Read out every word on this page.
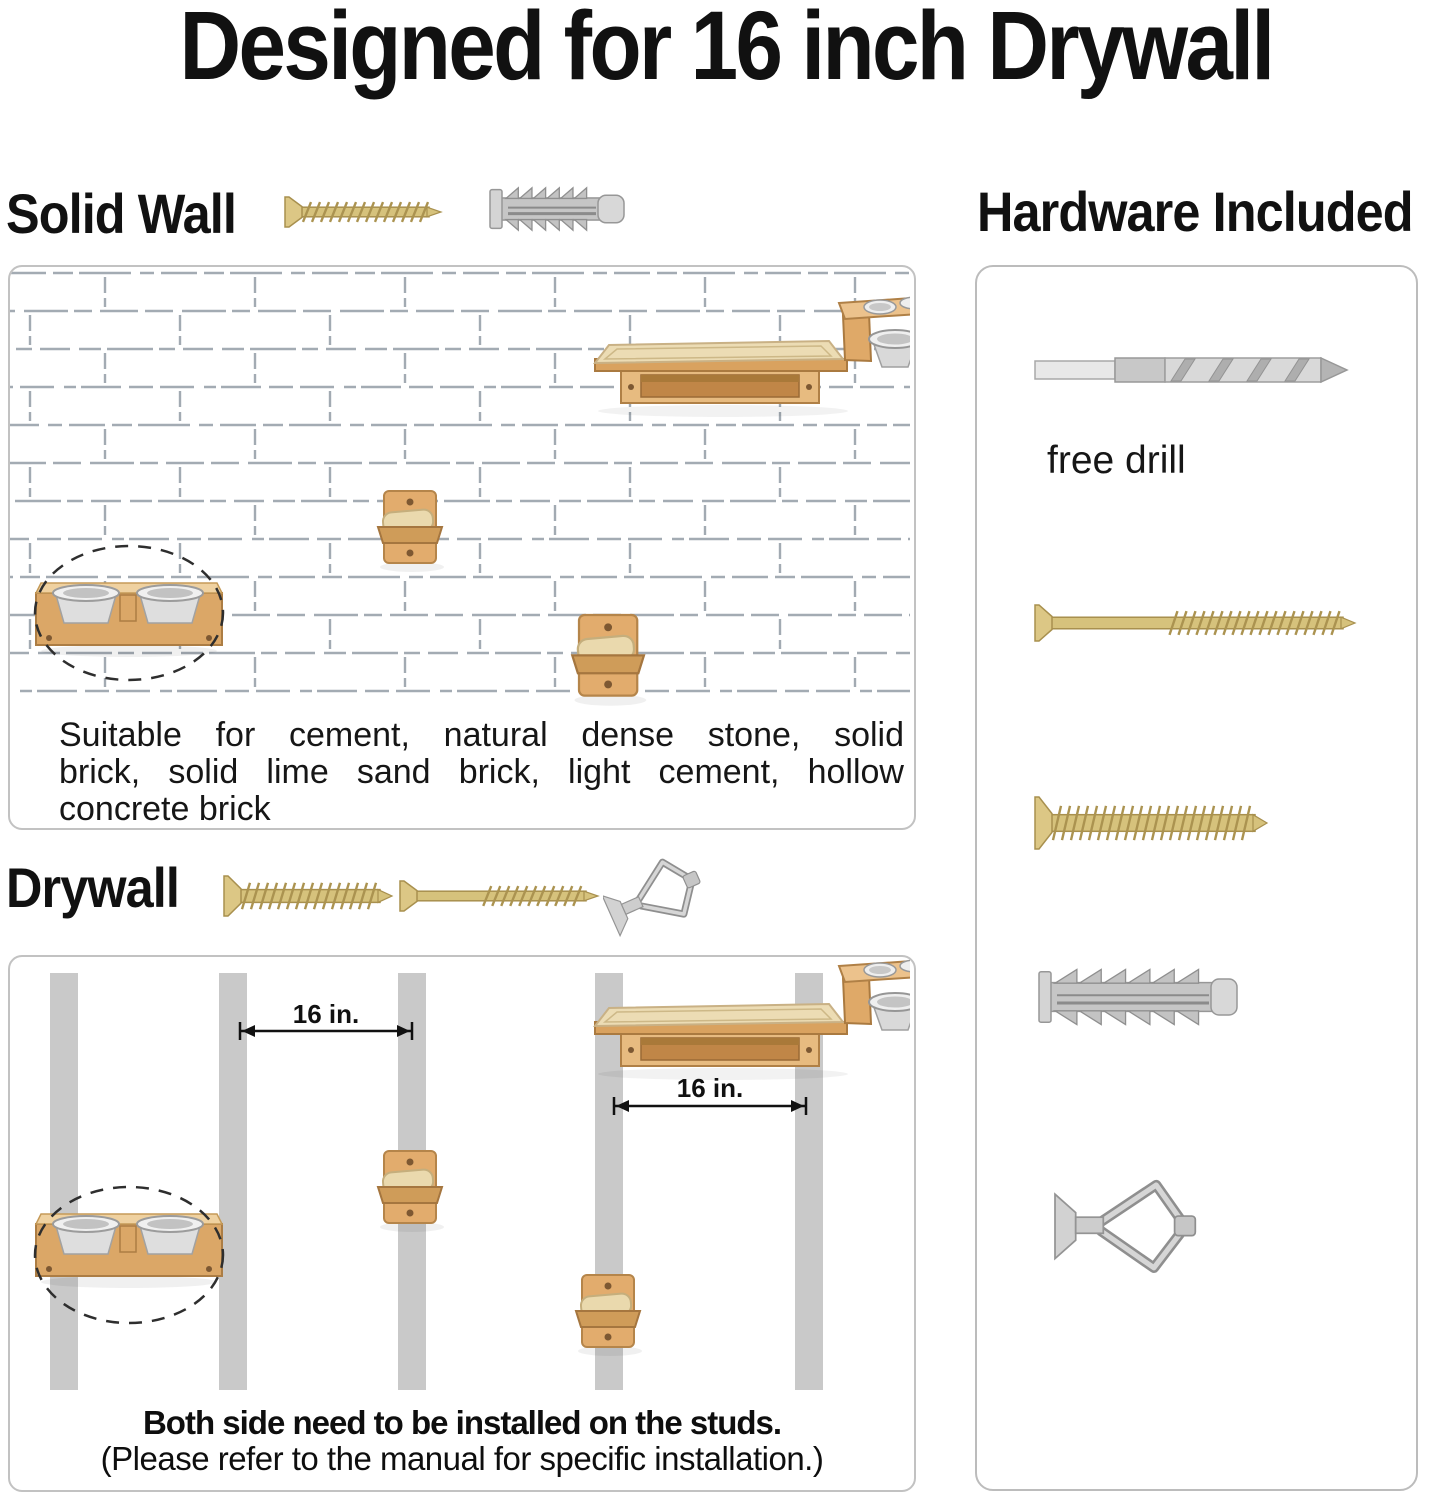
Designed for 16 inch Drywall
Solid Wall	Hardware Included
Suitable for cement, natural dense stone, solid
brick, solid lime sand brick, light cement, hollow
concrete brick
Drywall
16 in.
16 in.
Both side need to be installed on the studs.
(Please refer to the manual for specific installation.)
free drill
